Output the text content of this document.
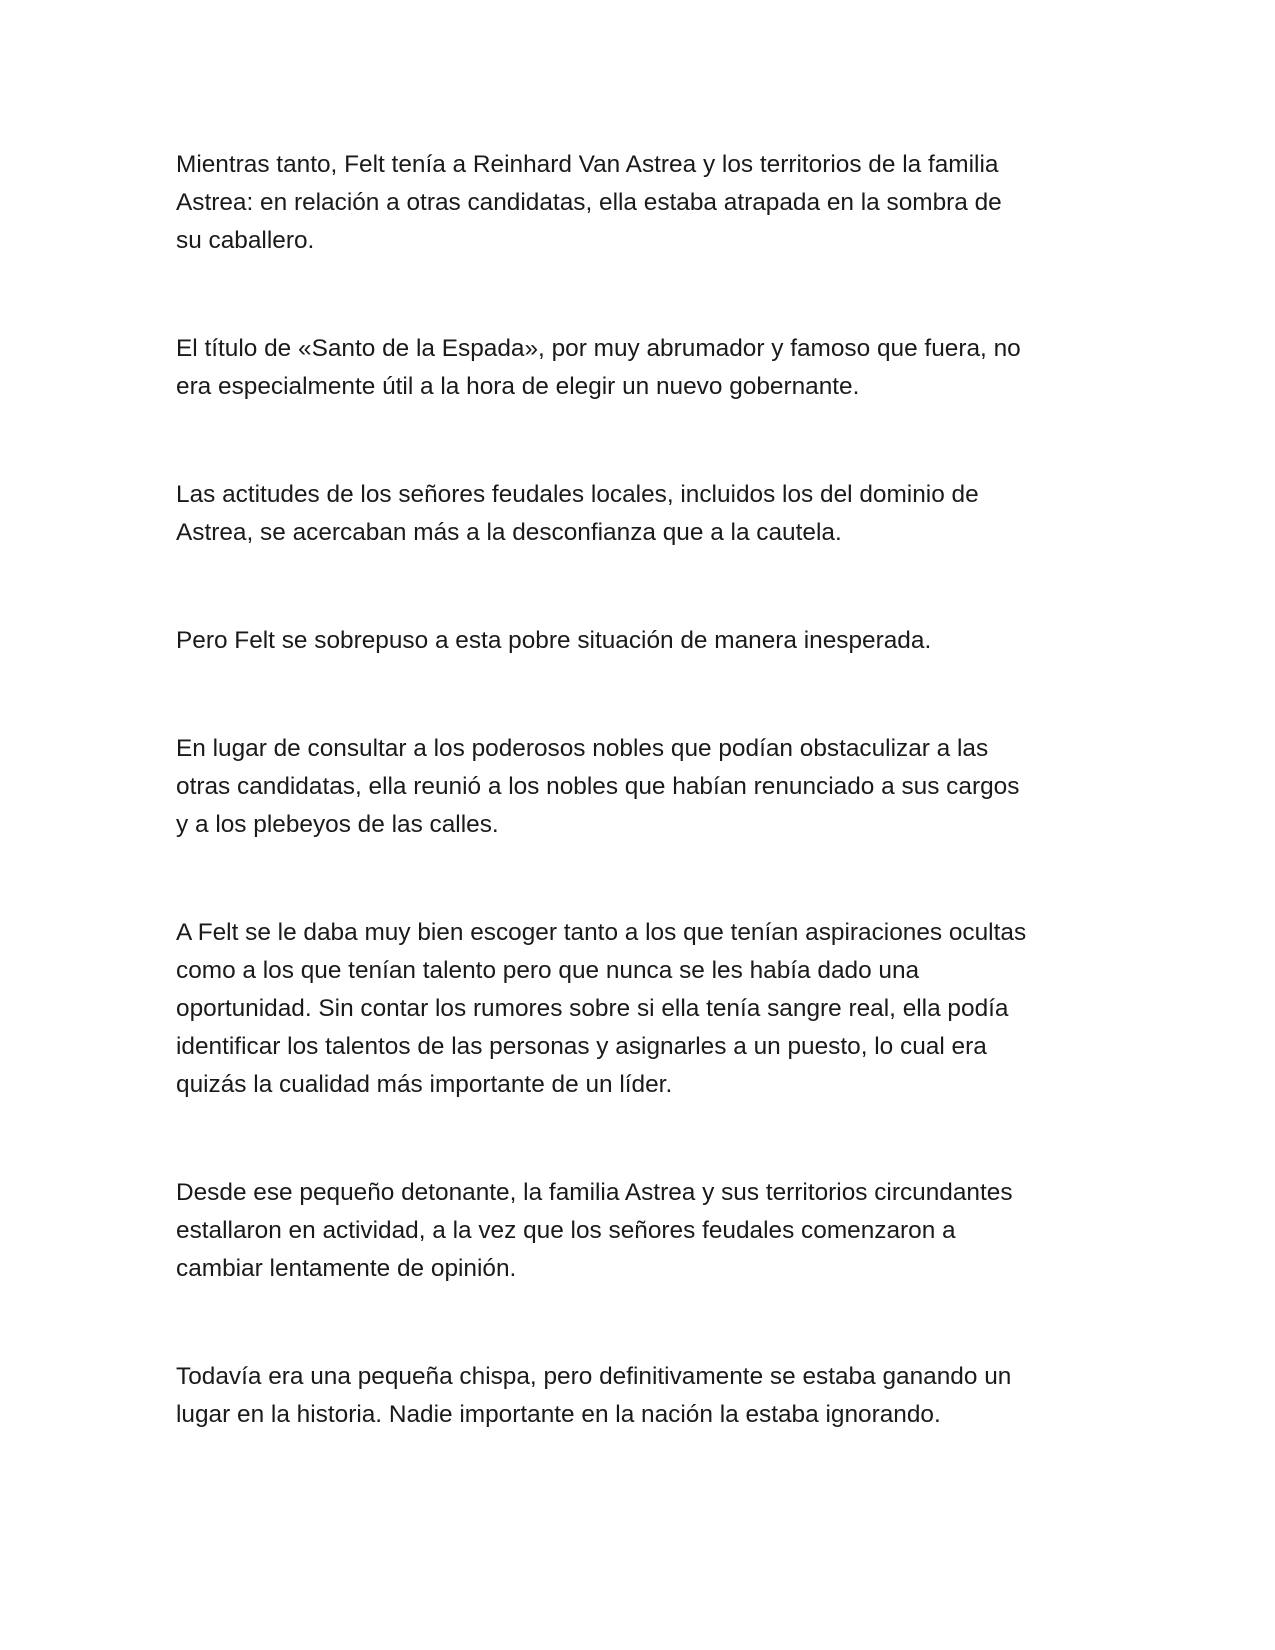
Mientras tanto, Felt tenía a Reinhard Van Astrea y los territorios de la familia
Astrea: en relación a otras candidatas, ella estaba atrapada en la sombra de
su caballero.

El título de «Santo de la Espada», por muy abrumador y famoso que fuera, no
era especialmente útil a la hora de elegir un nuevo gobernante.

Las actitudes de los señores feudales locales, incluidos los del dominio de
Astrea, se acercaban más a la desconfianza que a la cautela.

Pero Felt se sobrepuso a esta pobre situación de manera inesperada.

En lugar de consultar a los poderosos nobles que podían obstaculizar a las
otras candidatas, ella reunió a los nobles que habían renunciado a sus cargos
y a los plebeyos de las calles.

A Felt se le daba muy bien escoger tanto a los que tenían aspiraciones ocultas
como a los que tenían talento pero que nunca se les había dado una
oportunidad. Sin contar los rumores sobre si ella tenía sangre real, ella podía
identificar los talentos de las personas y asignarles a un puesto, lo cual era
quizás la cualidad más importante de un líder.

Desde ese pequeño detonante, la familia Astrea y sus territorios circundantes
estallaron en actividad, a la vez que los señores feudales comenzaron a
cambiar lentamente de opinión.

Todavía era una pequeña chispa, pero definitivamente se estaba ganando un
lugar en la historia. Nadie importante en la nación la estaba ignorando.
